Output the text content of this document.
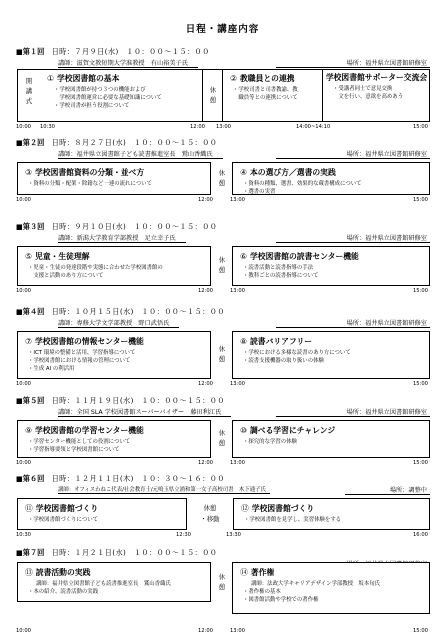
日程・講座内容
■第１回　 日時：７月９日(水)　１０：００～１５：００
講師：滋賀文教短期大学准教授　有山裕美子氏	場所：福井県立図書館研修室
開
講
式
① 学校図書館の基本
・学校図書館が持つ３つの機能および
　学校図書館運営に必要な基礎知識について
・学校司書が担う役割について
休
憩
② 教職員との連携
・学校司書と司書教諭、教
　職員等との連携について
学校図書館サポーター交流会
・受講者同士で意見交換
　文を行い、意欲を高めあう
10:00 10:30	12:00 13:00	14:00~14:10	15:00
■第２回　 日時：８月２７日(水)　１０：００～１５：００
講師：福井県立図書館子ども読書推進室長　鷲山香織氏	場所：福井県立図書館研修室
③ 学校図書館資料の分類・並べ方
・資料の分類・配架・除籍など一連の流れについて
休
憩
④ 本の選び方／選書の実践
・資料の種類、選書、効果的な蔵書構成について
・選書の実習
10:00	12:00	13:00	15:00
■第３回　 日時：９月１０日(水)　１０：００～１５：００
講師：新潟大学教育学部教授　足立幸子氏	場所：福井県立図書館研修室
⑤ 児童・生徒理解
・児童・生徒の発達段階や実態に合わせた学校図書館の
　支援と活動のあり方について
休
憩
⑥ 学校図書館の読書センター機能
・読書活動と読書指導の手法
・教科ごとの読書指導について
10:00	12:00	13:00	15:00
■第４回　 日時：１０月１５日(水)　１０：００～１５：００
講師：専修大学文学部教授　野口武悟氏	場所：福井県立図書館研修室
⑦ 学校図書館の情報センター機能
・ICT 環境の整備と活用、学習指導について
・学校図書館における情報の管理について
・生成 AI の利活用
休
憩
⑧ 読書バリアフリー
・学校における多様な読書のあり方について
・読書支援機器の取り扱いの体験
10:00	12:00	13:00	15:00
■第５回　 日時：１１月１９日(水)　１０：００～１５：００
講師：全国 SLA 学校図書館スーパーバイザー　藤田利江氏	場所：福井県立図書館研修室
⑨ 学校図書館の学習センター機能
・学習センター機能としての役割について
・学習指導要領と学校図書館について
休
憩
⑩ 調べる学習にチャレンジ
・探究的な学習の体験
10:00	12:00	13:00	15:00
■第６回　 日時：１２月１１日(木)　１０：３０～１６：００
講師：オフィスわねこ代表/社会教育士/元鳴玉県立浦和第一女子高校司書　木下通子氏	場所：調整中
⑪ 学校図書館づくり
・学校図書館づくりについて
休憩
・移動
⑫ 学校図書館づくり
・学校図書館を見学し、実習体験をする
10:30	12:30	13:30	16:00
■第７回　 日時：１月２１日(水)　１０：００～１５：００
⑬ 読書活動の実践
講師：福井県立図書館子ども読書推進室長　鷲山香織氏
・本の紹介、読書活動の実践
休
憩
⑭ 著作権
講師：法政大学キャリアデザイン学部教授　坂本旬氏
・著作権の基本
・図書館活動や学校での著作権
10:00	12:00	13:00	15:00
